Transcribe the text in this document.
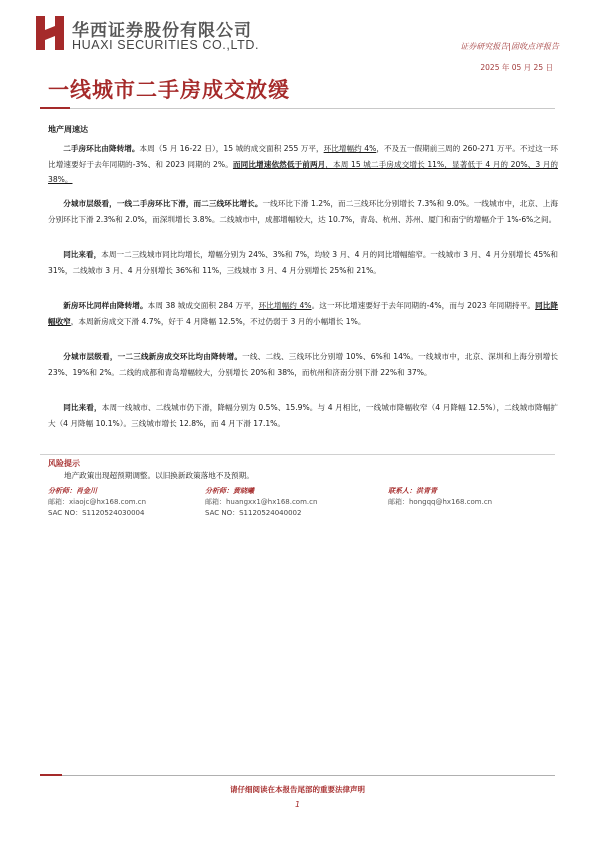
华西证券股份有限公司
HUAXI SECURITIES CO.,LTD.	证券研究报告|固收点评报告
2025 年 05 月 25 日
一线城市二手房成交放缓
地产周速达
二手房环比由降转增。本周（5 月 16-22 日），15 城的成交面积 255 万平，环比增幅约 4%，不及五一假期前三周的 260-271 万平。不过这一环比增速要好于去年同期的-3%、和 2023 同期的 2%。而同比增速依然低于前两月，本周 15 城二手房成交增长 11%，显著低于 4 月的 20%、3 月的 38%。
分城市层级看，一线二手房环比下滑，而二三线环比增长。一线环比下滑 1.2%，而二三线环比分别增长 7.3%和 9.0%。一线城市中，北京、上海分别环比下滑 2.3%和 2.0%，而深圳增长 3.8%。二线城市中，成都增幅较大，达 10.7%，青岛、杭州、苏州、厦门和南宁的增幅介于 1%-6%之间。
同比来看，本周一二三线城市同比均增长，增幅分别为 24%、3%和 7%，均较 3 月、4 月的同比增幅缩窄。一线城市 3 月、4 月分别增长 45%和 31%，二线城市 3 月、4 月分别增长 36%和 11%，三线城市 3 月、4 月分别增长 25%和 21%。
新房环比同样由降转增。本周 38 城成交面积 284 万平，环比增幅约 4%。这一环比增速要好于去年同期的-4%，而与 2023 年同期持平。同比降幅收窄，本周新房成交下滑 4.7%，好于 4 月降幅 12.5%，不过仍弱于 3 月的小幅增长 1%。
分城市层级看，一二三线新房成交环比均由降转增。一线、二线、三线环比分别增 10%、6%和 14%。一线城市中，北京、深圳和上海分别增长 23%、19%和 2%。二线的成都和青岛增幅较大，分别增长 20%和 38%，而杭州和济南分别下滑 22%和 37%。
同比来看，本周一线城市、二线城市仍下滑，降幅分别为 0.5%、15.9%。与 4 月相比，一线城市降幅收窄（4 月降幅 12.5%），二线城市降幅扩大（4 月降幅 10.1%）。三线城市增长 12.8%，而 4 月下滑 17.1%。
风险提示
地产政策出现超预期调整。以旧换新政策落地不及预期。
分析师：肖金川
邮箱：xiaojc@hx168.com.cn
SAC NO：S1120524030004
分析师：黄晓曦
邮箱：huangxx1@hx168.com.cn
SAC NO：S1120524040002
联系人：洪青青
邮箱：hongqq@hx168.com.cn
请仔细阅读在本报告尾部的重要法律声明
1
